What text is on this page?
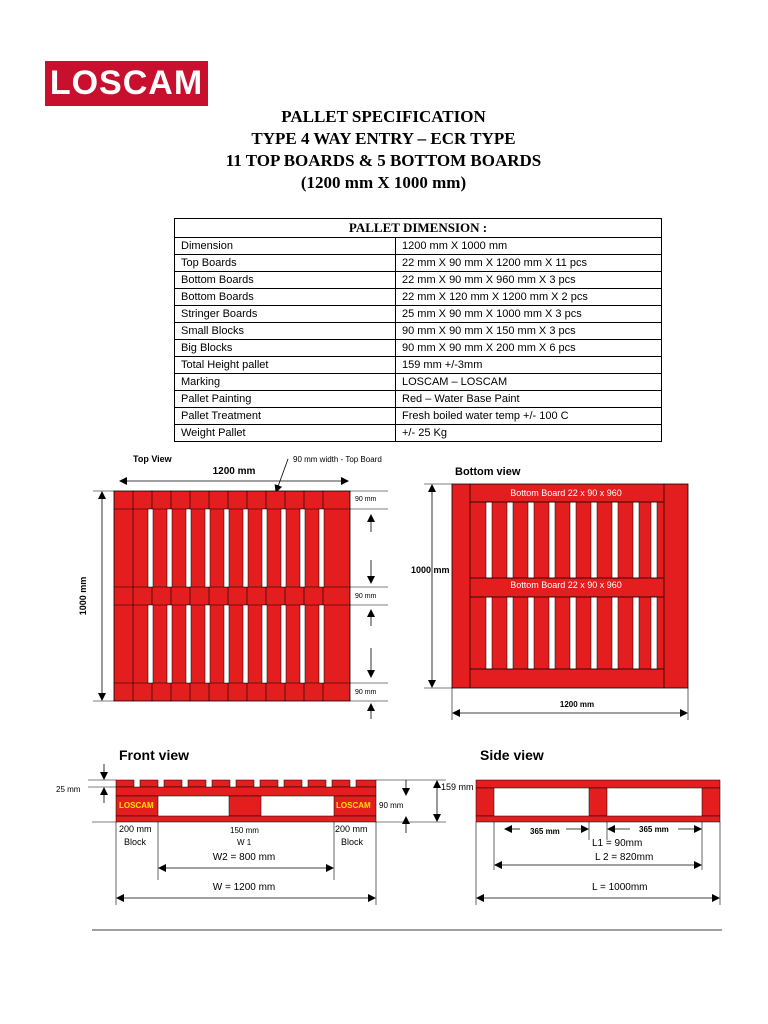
LOSCAM
PALLET SPECIFICATION
TYPE 4 WAY ENTRY – ECR TYPE
11 TOP BOARDS & 5 BOTTOM BOARDS
(1200 mm X 1000 mm)
PALLET DIMENSION :	
Dimension	1200 mm X 1000 mm
Top Boards	22 mm X 90 mm X 1200 mm X 11 pcs
Bottom Boards	22 mm X 90 mm X 960 mm X 3 pcs
Bottom Boards	22 mm X 120 mm X 1200 mm X 2 pcs
Stringer Boards	25 mm X 90 mm X 1000 mm X 3 pcs
Small Blocks	90 mm X 90 mm X 150 mm X 3 pcs
Big Blocks	90 mm X 90 mm X 200 mm X 6 pcs
Total Height pallet	159 mm +/-3mm
Marking	LOSCAM – LOSCAM
Pallet Painting	Red – Water Base Paint
Pallet Treatment	Fresh boiled water temp +/- 100 C
Weight Pallet	+/- 25 Kg
Top View	90 mm width - Top Board
1200 mm
1000 mm
90 mm
90 mm
90 mm
Bottom view
Bottom Board 22 x 90 x 960
Bottom Board 22 x 90 x 960
1000 mm
1200 mm
Front view
LOSCAM	LOSCAM
25 mm	159 mm
90 mm
200 mm
Block
150 mm
W 1
200 mm
Block
W2 = 800 mm
W = 1200 mm
Side view
365 mm	365 mm
L1 = 90mm
L 2 = 820mm
L = 1000mm
